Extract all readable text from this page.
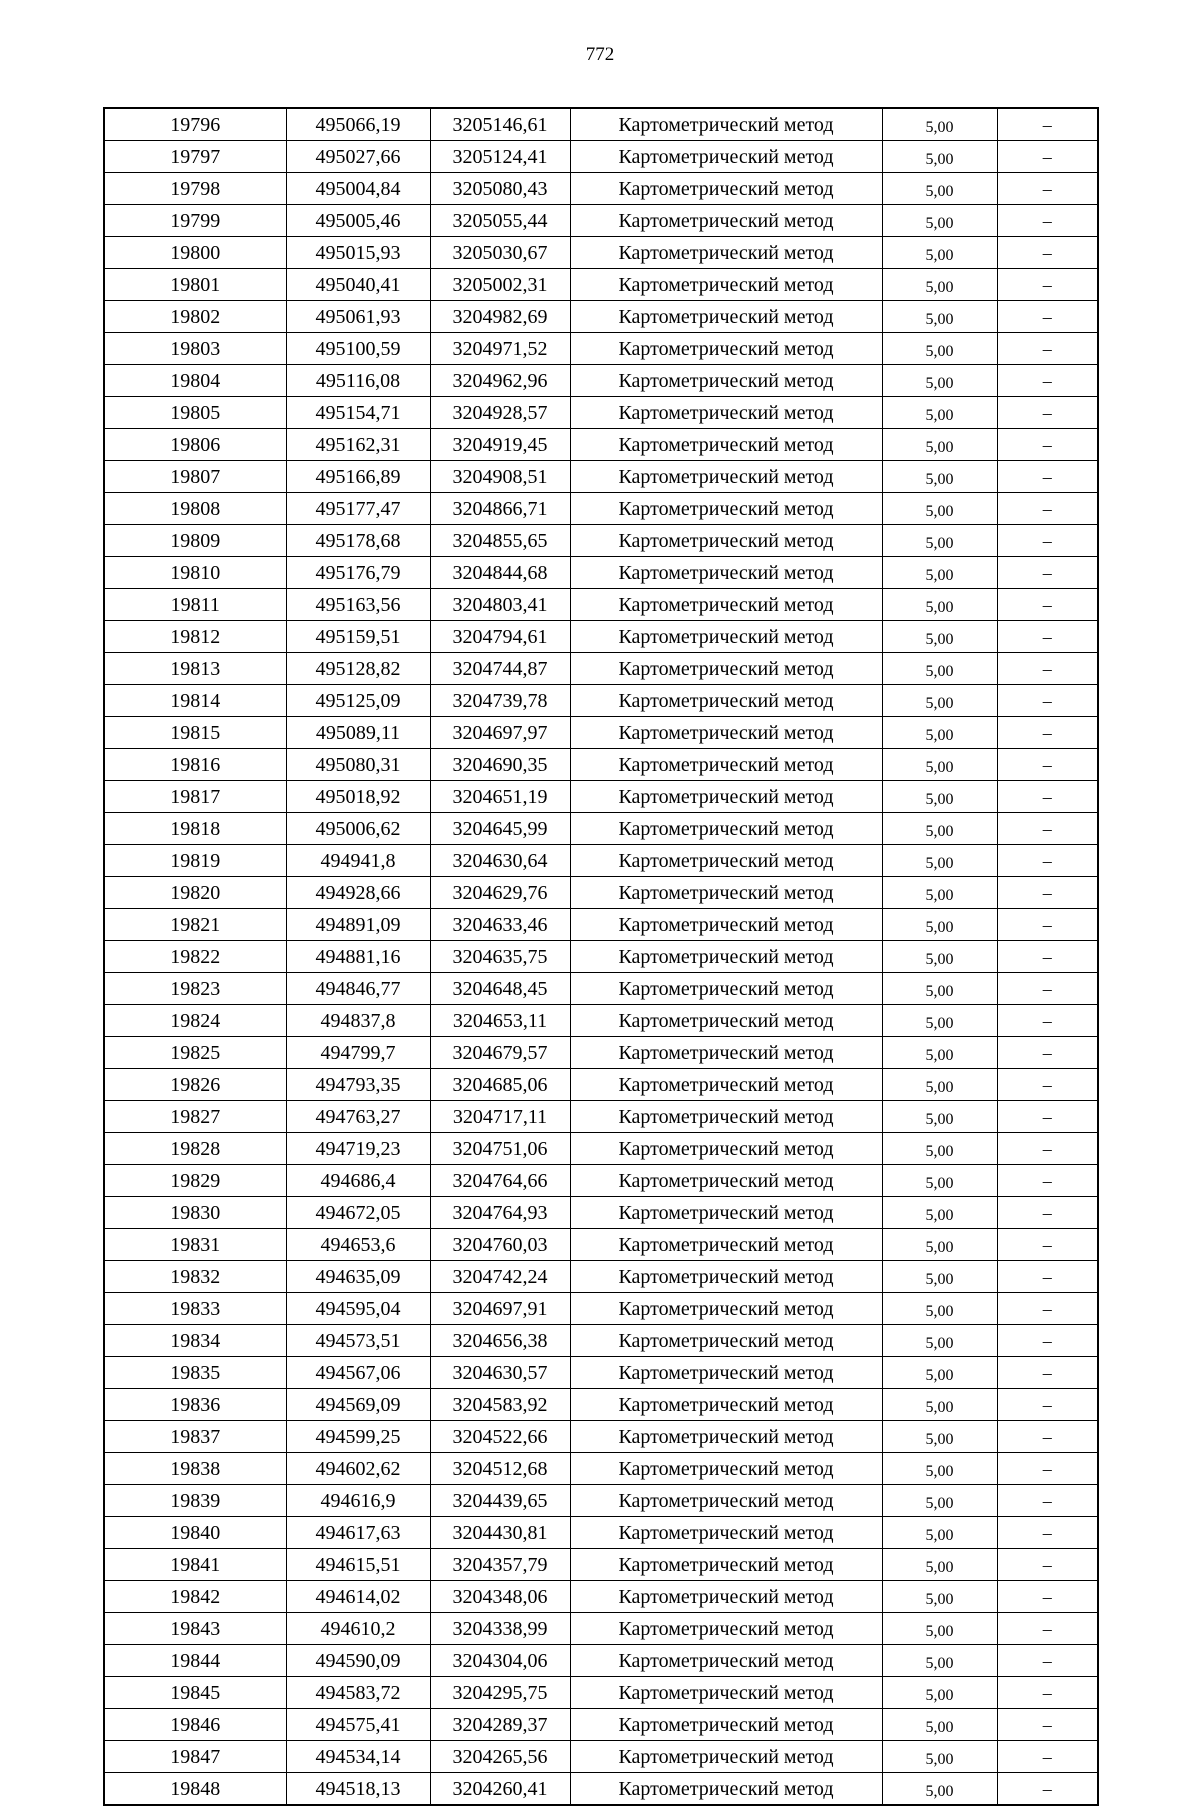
772
19796	495066,19	3205146,61	Картометрический метод	5,00	–
19797	495027,66	3205124,41	Картометрический метод	5,00	–
19798	495004,84	3205080,43	Картометрический метод	5,00	–
19799	495005,46	3205055,44	Картометрический метод	5,00	–
19800	495015,93	3205030,67	Картометрический метод	5,00	–
19801	495040,41	3205002,31	Картометрический метод	5,00	–
19802	495061,93	3204982,69	Картометрический метод	5,00	–
19803	495100,59	3204971,52	Картометрический метод	5,00	–
19804	495116,08	3204962,96	Картометрический метод	5,00	–
19805	495154,71	3204928,57	Картометрический метод	5,00	–
19806	495162,31	3204919,45	Картометрический метод	5,00	–
19807	495166,89	3204908,51	Картометрический метод	5,00	–
19808	495177,47	3204866,71	Картометрический метод	5,00	–
19809	495178,68	3204855,65	Картометрический метод	5,00	–
19810	495176,79	3204844,68	Картометрический метод	5,00	–
19811	495163,56	3204803,41	Картометрический метод	5,00	–
19812	495159,51	3204794,61	Картометрический метод	5,00	–
19813	495128,82	3204744,87	Картометрический метод	5,00	–
19814	495125,09	3204739,78	Картометрический метод	5,00	–
19815	495089,11	3204697,97	Картометрический метод	5,00	–
19816	495080,31	3204690,35	Картометрический метод	5,00	–
19817	495018,92	3204651,19	Картометрический метод	5,00	–
19818	495006,62	3204645,99	Картометрический метод	5,00	–
19819	494941,8	3204630,64	Картометрический метод	5,00	–
19820	494928,66	3204629,76	Картометрический метод	5,00	–
19821	494891,09	3204633,46	Картометрический метод	5,00	–
19822	494881,16	3204635,75	Картометрический метод	5,00	–
19823	494846,77	3204648,45	Картометрический метод	5,00	–
19824	494837,8	3204653,11	Картометрический метод	5,00	–
19825	494799,7	3204679,57	Картометрический метод	5,00	–
19826	494793,35	3204685,06	Картометрический метод	5,00	–
19827	494763,27	3204717,11	Картометрический метод	5,00	–
19828	494719,23	3204751,06	Картометрический метод	5,00	–
19829	494686,4	3204764,66	Картометрический метод	5,00	–
19830	494672,05	3204764,93	Картометрический метод	5,00	–
19831	494653,6	3204760,03	Картометрический метод	5,00	–
19832	494635,09	3204742,24	Картометрический метод	5,00	–
19833	494595,04	3204697,91	Картометрический метод	5,00	–
19834	494573,51	3204656,38	Картометрический метод	5,00	–
19835	494567,06	3204630,57	Картометрический метод	5,00	–
19836	494569,09	3204583,92	Картометрический метод	5,00	–
19837	494599,25	3204522,66	Картометрический метод	5,00	–
19838	494602,62	3204512,68	Картометрический метод	5,00	–
19839	494616,9	3204439,65	Картометрический метод	5,00	–
19840	494617,63	3204430,81	Картометрический метод	5,00	–
19841	494615,51	3204357,79	Картометрический метод	5,00	–
19842	494614,02	3204348,06	Картометрический метод	5,00	–
19843	494610,2	3204338,99	Картометрический метод	5,00	–
19844	494590,09	3204304,06	Картометрический метод	5,00	–
19845	494583,72	3204295,75	Картометрический метод	5,00	–
19846	494575,41	3204289,37	Картометрический метод	5,00	–
19847	494534,14	3204265,56	Картометрический метод	5,00	–
19848	494518,13	3204260,41	Картометрический метод	5,00	–
